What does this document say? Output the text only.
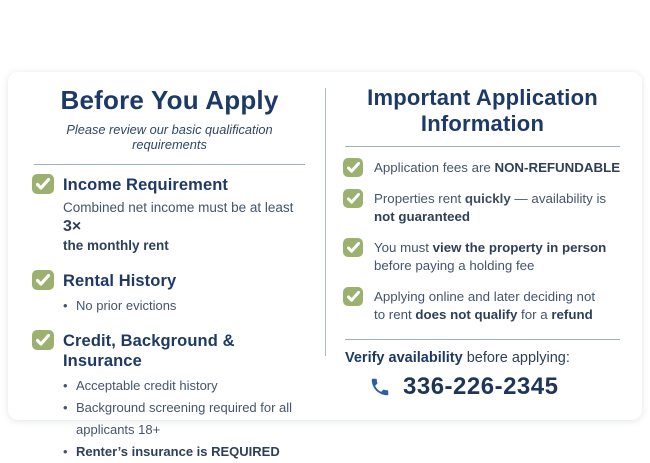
Before You Apply
Please review our basic qualification requirements
Income Requirement
Combined net income must be at least 3×
the monthly rent
Rental History
• No prior evictions
Credit, Background & Insurance
• Acceptable credit history
• Background screening required for all applicants 18+
• Renter’s insurance is REQUIRED
Important Application
Information
Application fees are NON-REFUNDABLE
Properties rent quickly — availability is
not guaranteed
You must view the property in person
before paying a holding fee
Applying online and later deciding not
to rent does not qualify for a refund
Verify availability before applying:
336-226-2345
